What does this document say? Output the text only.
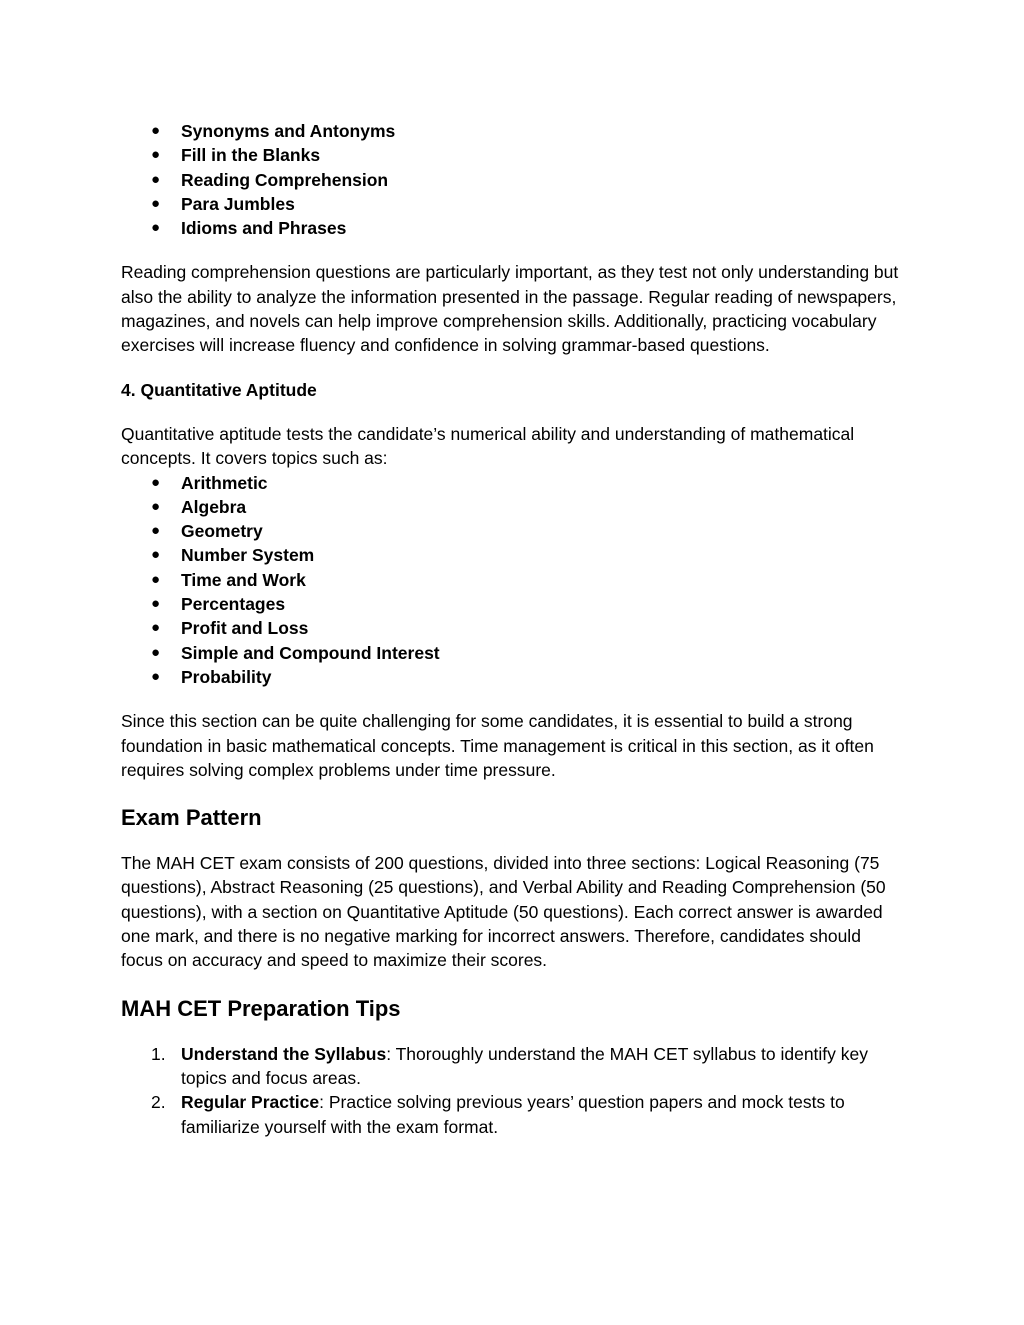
● Synonyms and Antonyms
● Fill in the Blanks
● Reading Comprehension
● Para Jumbles
● Idioms and Phrases

Reading comprehension questions are particularly important, as they test not only understanding but also the ability to analyze the information presented in the passage. Regular reading of newspapers, magazines, and novels can help improve comprehension skills. Additionally, practicing vocabulary exercises will increase fluency and confidence in solving grammar-based questions.

4. Quantitative Aptitude

Quantitative aptitude tests the candidate’s numerical ability and understanding of mathematical concepts. It covers topics such as:

● Arithmetic
● Algebra
● Geometry
● Number System
● Time and Work
● Percentages
● Profit and Loss
● Simple and Compound Interest
● Probability

Since this section can be quite challenging for some candidates, it is essential to build a strong foundation in basic mathematical concepts. Time management is critical in this section, as it often requires solving complex problems under time pressure.

Exam Pattern

The MAH CET exam consists of 200 questions, divided into three sections: Logical Reasoning (75 questions), Abstract Reasoning (25 questions), and Verbal Ability and Reading Comprehension (50 questions), with a section on Quantitative Aptitude (50 questions). Each correct answer is awarded one mark, and there is no negative marking for incorrect answers. Therefore, candidates should focus on accuracy and speed to maximize their scores.

MAH CET Preparation Tips
1. Understand the Syllabus: Thoroughly understand the MAH CET syllabus to identify key topics and focus areas.
2. Regular Practice: Practice solving previous years’ question papers and mock tests to familiarize yourself with the exam format.
